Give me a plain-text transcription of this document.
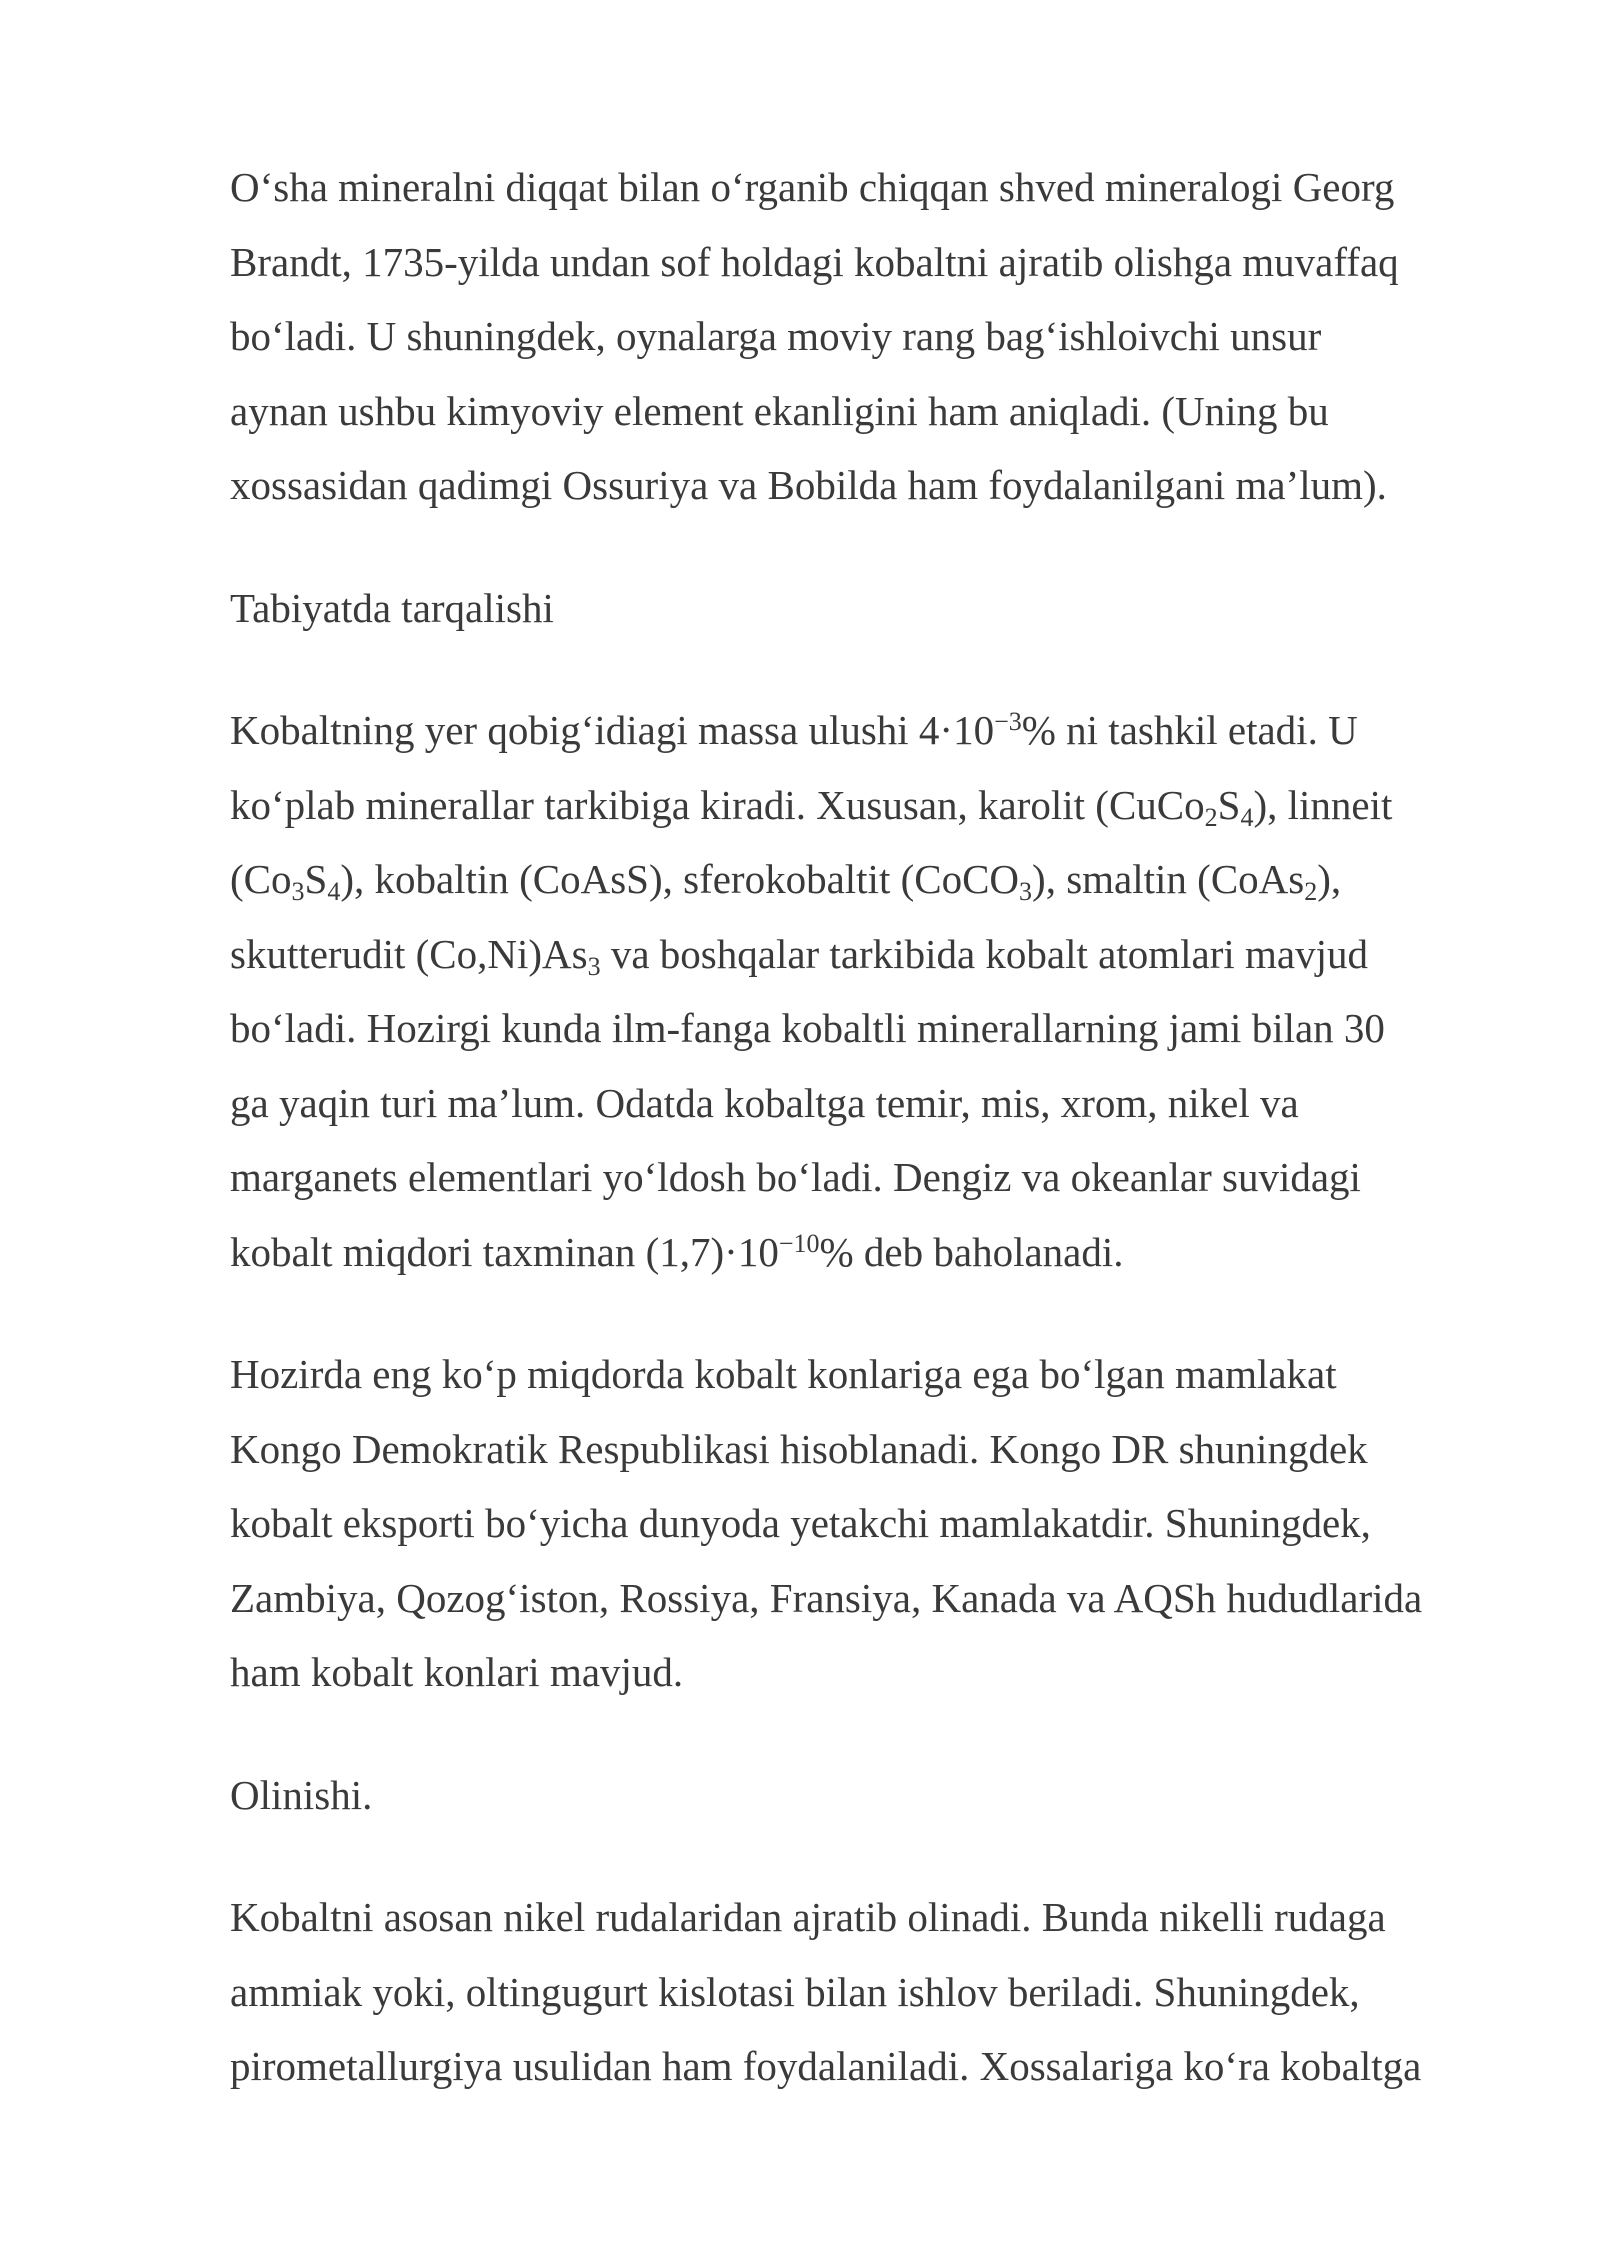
O‘sha mineralni diqqat bilan o‘rganib chiqqan shved mineralogi Georg
Brandt, 1735-yilda undan sof holdagi kobaltni ajratib olishga muvaffaq
bo‘ladi. U shuningdek, oynalarga moviy rang bag‘ishloivchi unsur
aynan ushbu kimyoviy element ekanligini ham aniqladi. (Uning bu
xossasidan qadimgi Ossuriya va Bobilda ham foydalanilgani ma’lum).
Tabiyatda tarqalishi
Kobaltning yer qobig‘idiagi massa ulushi $4\cdot 10^{-3}\%$ ni tashkil etadi. U
ko‘plab minerallar tarkibiga kiradi. Xususan, karolit $(CuCo_2S_4)$, linneit
$(Co_3S_4)$, kobaltin (CoAsS), sferokobaltit (CoCO$_3$), smaltin (CoAs$_2$),
skutterudit $(Co,Ni)As_3$ va boshqalar tarkibida kobalt atomlari mavjud
bo‘ladi. Hozirgi kunda ilm-fanga kobaltli minerallarning jami bilan 30
ga yaqin turi ma’lum. Odatda kobaltga temir, mis, xrom, nikel va
marganets elementlari yo‘ldosh bo‘ladi. Dengiz va okeanlar suvidagi
kobalt miqdori taxminan $(1,7)\cdot 10^{-10}\%$ deb baholanadi.
Hozirda eng ko‘p miqdorda kobalt konlariga ega bo‘lgan mamlakat
Kongo Demokratik Respublikasi hisoblanadi. Kongo DR shuningdek
kobalt eksporti bo‘yicha dunyoda yetakchi mamlakatdir. Shuningdek,
Zambiya, Qozog‘iston, Rossiya, Fransiya, Kanada va AQSh hududlarida
ham kobalt konlari mavjud.
Olinishi.
Kobaltni asosan nikel rudalaridan ajratib olinadi. Bunda nikelli rudaga
ammiak yoki, oltingugurt kislotasi bilan ishlov beriladi. Shuningdek,
pirometallurgiya usulidan ham foydalaniladi. Xossalariga ko‘ra kobaltga
